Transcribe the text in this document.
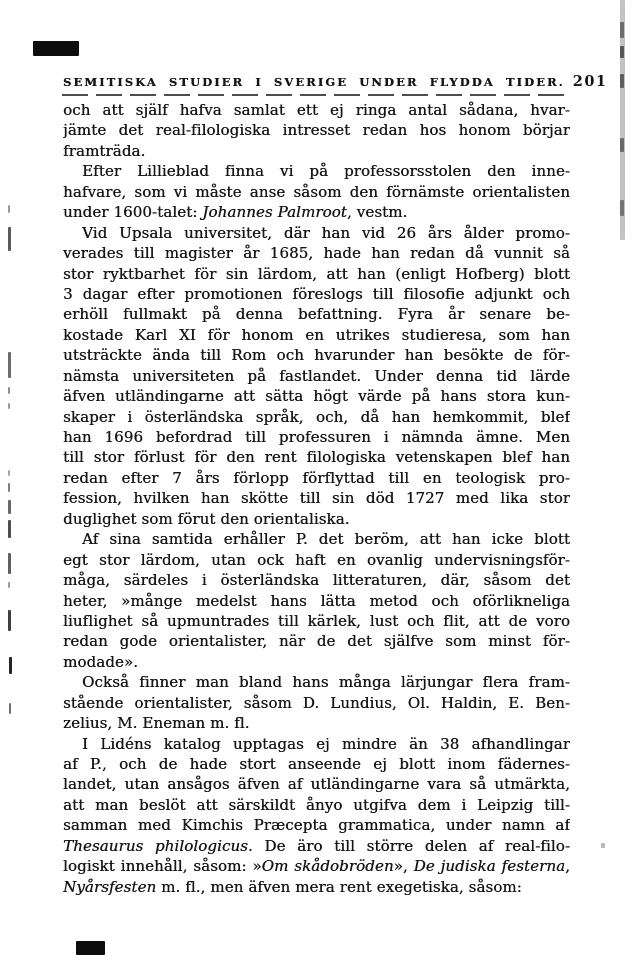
SEMITISKA STUDIER I SVERIGE UNDER FLYDDA TIDER. 201
och att själf hafva samlat ett ej ringa antal sådana, hvar-
jämte det real-filologiska intresset redan hos honom börjar
framträda.
Efter Lillieblad finna vi på professorsstolen den inne-
hafvare, som vi måste anse såsom den förnämste orientalisten
under 1600-talet: Johannes Palmroot, vestm.
Vid Upsala universitet, där han vid 26 års ålder promo-
verades till magister år 1685, hade han redan då vunnit så
stor ryktbarhet för sin lärdom, att han (enligt Hofberg) blott
3 dagar efter promotionen föreslogs till filosofie adjunkt och
erhöll fullmakt på denna befattning. Fyra år senare be-
kostade Karl XI för honom en utrikes studieresa, som han
utsträckte ända till Rom och hvarunder han besökte de för-
nämsta universiteten på fastlandet. Under denna tid lärde
äfven utländingarne att sätta högt värde på hans stora kun-
skaper i österländska språk, och, då han hemkommit, blef
han 1696 befordrad till professuren i nämnda ämne. Men
till stor förlust för den rent filologiska vetenskapen blef han
redan efter 7 års förlopp förflyttad till en teologisk pro-
fession, hvilken han skötte till sin död 1727 med lika stor
duglighet som förut den orientaliska.
Af sina samtida erhåller P. det beröm, att han icke blott
egt stor lärdom, utan ock haft en ovanlig undervisningsför-
måga, särdeles i österländska litteraturen, där, såsom det
heter, »månge medelst hans lätta metod och oförlikneliga
liuflighet så upmuntrades till kärlek, lust och flit, att de voro
redan gode orientalister, när de det själfve som minst för-
modade».
Också finner man bland hans många lärjungar flera fram-
stående orientalister, såsom D. Lundius, Ol. Haldin, E. Ben-
zelius, M. Eneman m. fl.
I Lidéns katalog upptagas ej mindre än 38 afhandlingar
af P., och de hade stort anseende ej blott inom fädernes-
landet, utan ansågos äfven af utländingarne vara så utmärkta,
att man beslöt att särskildt ånyo utgifva dem i Leipzig till-
samman med Kimchis Præcepta grammatica, under namn af
Thesaurus philologicus. De äro till större delen af real-filo-
logiskt innehåll, såsom: »Om skådobröden», De judiska festerna,
Nyårsfesten m. fl., men äfven mera rent exegetiska, såsom:
